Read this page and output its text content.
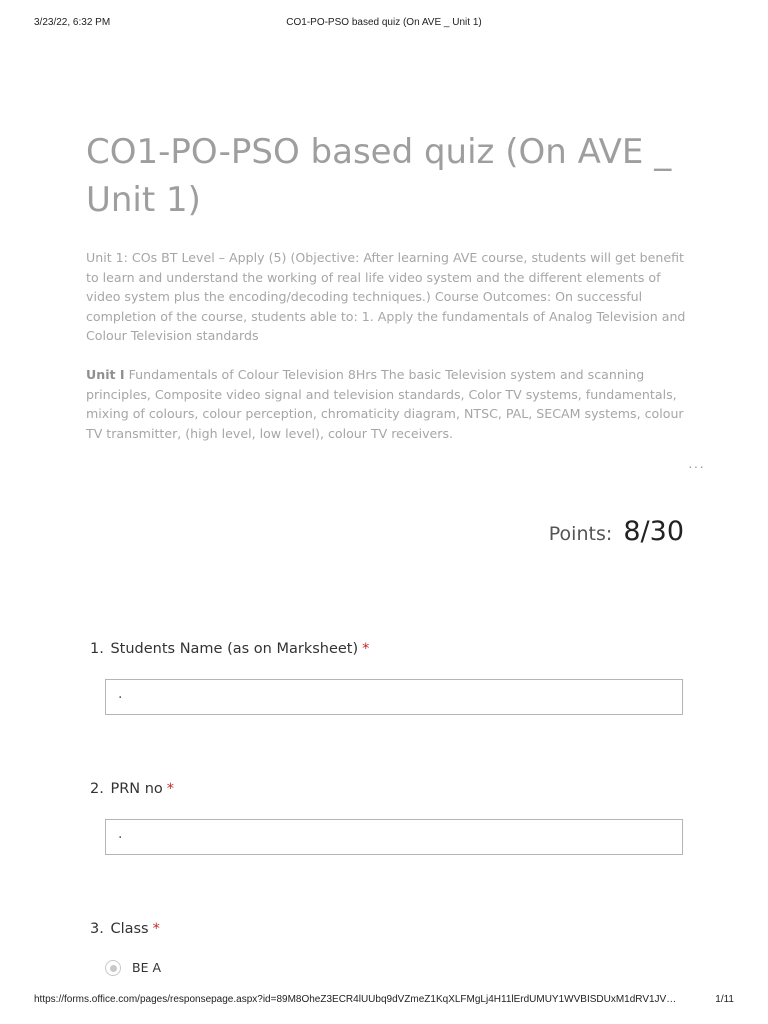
3/23/22, 6:32 PM	CO1-PO-PSO based quiz (On AVE _ Unit 1)
CO1-PO-PSO based quiz (On AVE _ Unit 1)

Unit 1: COs BT Level – Apply (5) (Objective: After learning AVE course, students will get benefit to learn and understand the working of real life video system and the different elements of video system plus the encoding/decoding techniques.) Course Outcomes: On successful completion of the course, students able to: 1. Apply the fundamentals of Analog Television and Colour Television standards

Unit I Fundamentals of Colour Television 8Hrs The basic Television system and scanning principles, Composite video signal and television standards, Color TV systems, fundamentals, mixing of colours, colour perception, chromaticity diagram, NTSC, PAL, SECAM systems, colour TV transmitter, (high level, low level), colour TV receivers.

···
Points: 8/30
1. Students Name (as on Marksheet) *
.
2. PRN no *
.
3. Class *
BE A
https://forms.office.com/pages/responsepage.aspx?id=89M8OheZ3ECR4lUUbq9dVZmeZ1KqXLFMgLj4H11lErdUMUY1WVBISDUxM1dRV1JV…	1/11
